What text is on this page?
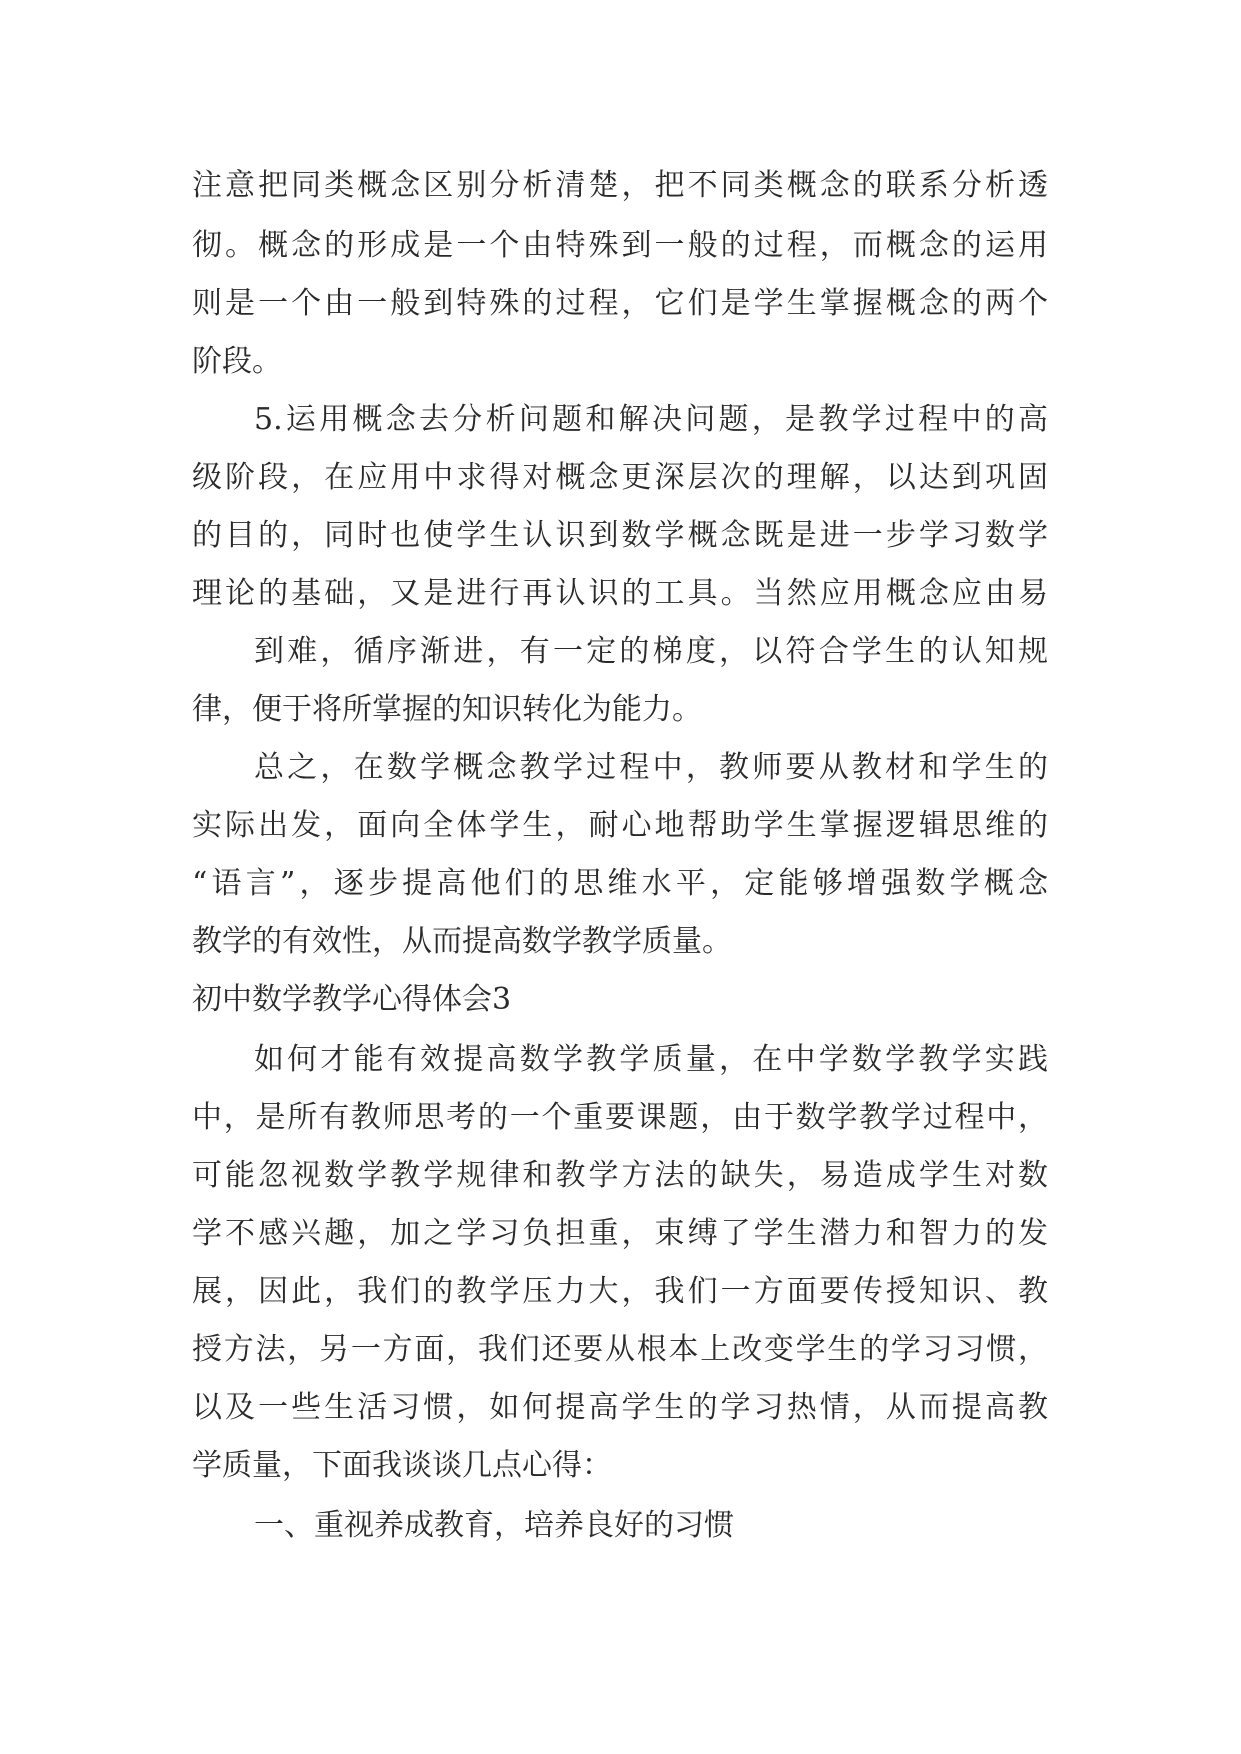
注意把同类概念区别分析清楚，把不同类概念的联系分析透
彻。概念的形成是一个由特殊到一般的过程，而概念的运用
则是一个由一般到特殊的过程，它们是学生掌握概念的两个
阶段。
5.运用概念去分析问题和解决问题，是教学过程中的高
级阶段，在应用中求得对概念更深层次的理解，以达到巩固
的目的，同时也使学生认识到数学概念既是进一步学习数学
理论的基础，又是进行再认识的工具。当然应用概念应由易
到难，循序渐进，有一定的梯度，以符合学生的认知规
律，便于将所掌握的知识转化为能力。
总之，在数学概念教学过程中，教师要从教材和学生的
实际出发，面向全体学生，耐心地帮助学生掌握逻辑思维的
“语言”，逐步提高他们的思维水平，定能够增强数学概念
教学的有效性，从而提高数学教学质量。
初中数学教学心得体会3
如何才能有效提高数学教学质量，在中学数学教学实践
中，是所有教师思考的一个重要课题，由于数学教学过程中，
可能忽视数学教学规律和教学方法的缺失，易造成学生对数
学不感兴趣，加之学习负担重，束缚了学生潜力和智力的发
展，因此，我们的教学压力大，我们一方面要传授知识、教
授方法，另一方面，我们还要从根本上改变学生的学习习惯，
以及一些生活习惯，如何提高学生的学习热情，从而提高教
学质量，下面我谈谈几点心得：
一、重视养成教育，培养良好的习惯
